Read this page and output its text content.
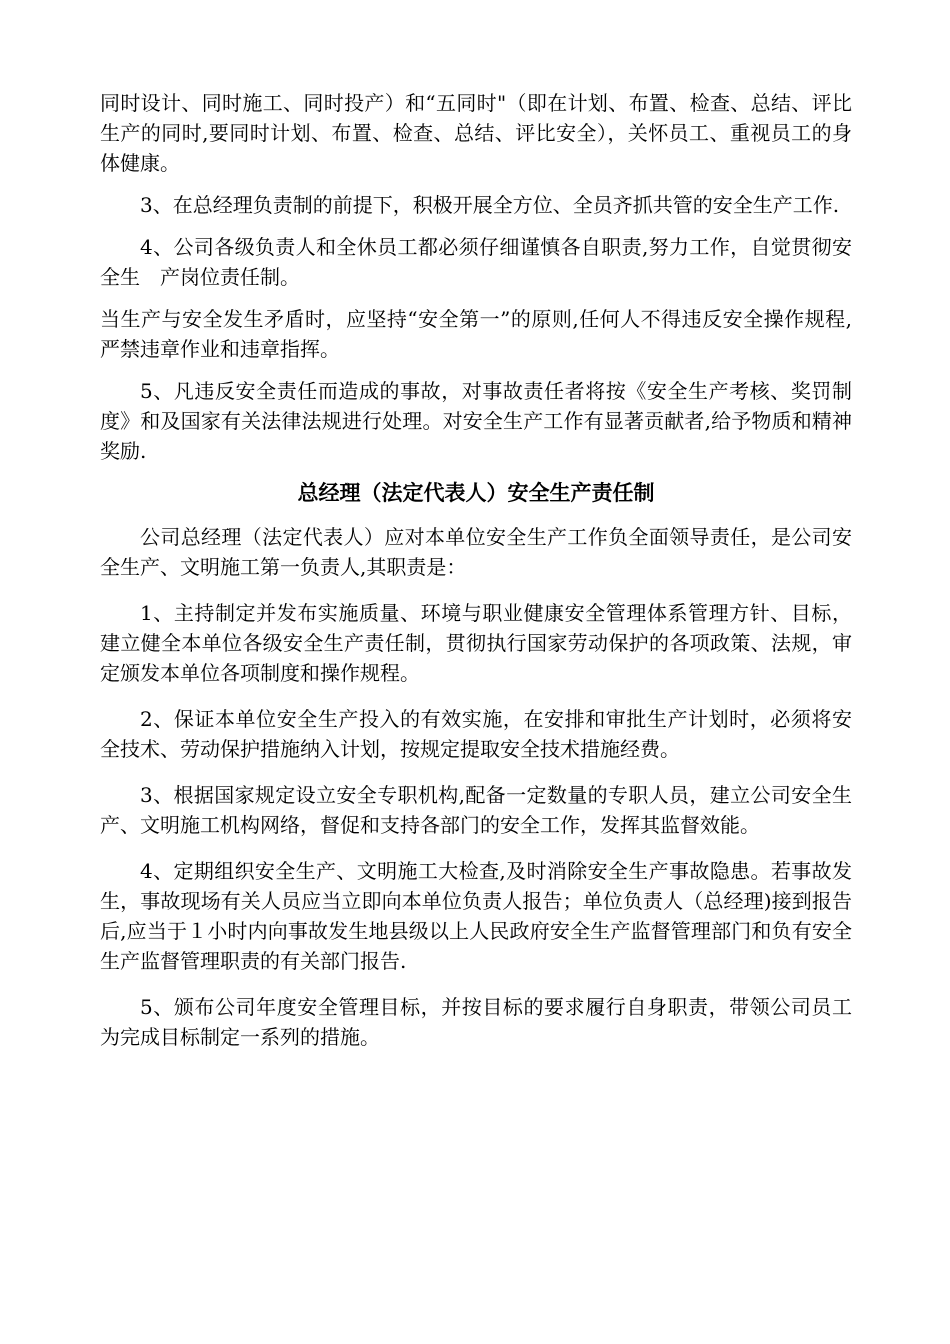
同时设计、同时施工、同时投产）和“五同时"（即在计划、布置、检查、总结、评比生产的同时,要同时计划、布置、检查、总结、评比安全），关怀员工、重视员工的身体健康。

3、在总经理负责制的前提下，积极开展全方位、全员齐抓共管的安全生产工作.

4、公司各级负责人和全休员工都必须仔细谨慎各自职责,努力工作，自觉贯彻安全生　产岗位责任制。

当生产与安全发生矛盾时，应坚持“安全第一”的原则,任何人不得违反安全操作规程,严禁违章作业和违章指挥。

5、凡违反安全责任而造成的事故，对事故责任者将按《安全生产考核、奖罚制度》和及国家有关法律法规进行处理。对安全生产工作有显著贡献者,给予物质和精神奖励.

总经理（法定代表人）安全生产责任制

公司总经理（法定代表人）应对本单位安全生产工作负全面领导责任，是公司安全生产、文明施工第一负责人,其职责是：

1、主持制定并发布实施质量、环境与职业健康安全管理体系管理方针、目标，建立健全本单位各级安全生产责任制，贯彻执行国家劳动保护的各项政策、法规，审定颁发本单位各项制度和操作规程。

2、保证本单位安全生产投入的有效实施，在安排和审批生产计划时，必须将安全技术、劳动保护措施纳入计划，按规定提取安全技术措施经费。

3、根据国家规定设立安全专职机构,配备一定数量的专职人员，建立公司安全生产、文明施工机构网络，督促和支持各部门的安全工作，发挥其监督效能。

4、定期组织安全生产、文明施工大检查,及时消除安全生产事故隐患。若事故发生，事故现场有关人员应当立即向本单位负责人报告；单位负责人（总经理)接到报告后,应当于１小时内向事故发生地县级以上人民政府安全生产监督管理部门和负有安全生产监督管理职责的有关部门报告.

5、颁布公司年度安全管理目标，并按目标的要求履行自身职责，带领公司员工为完成目标制定一系列的措施。
